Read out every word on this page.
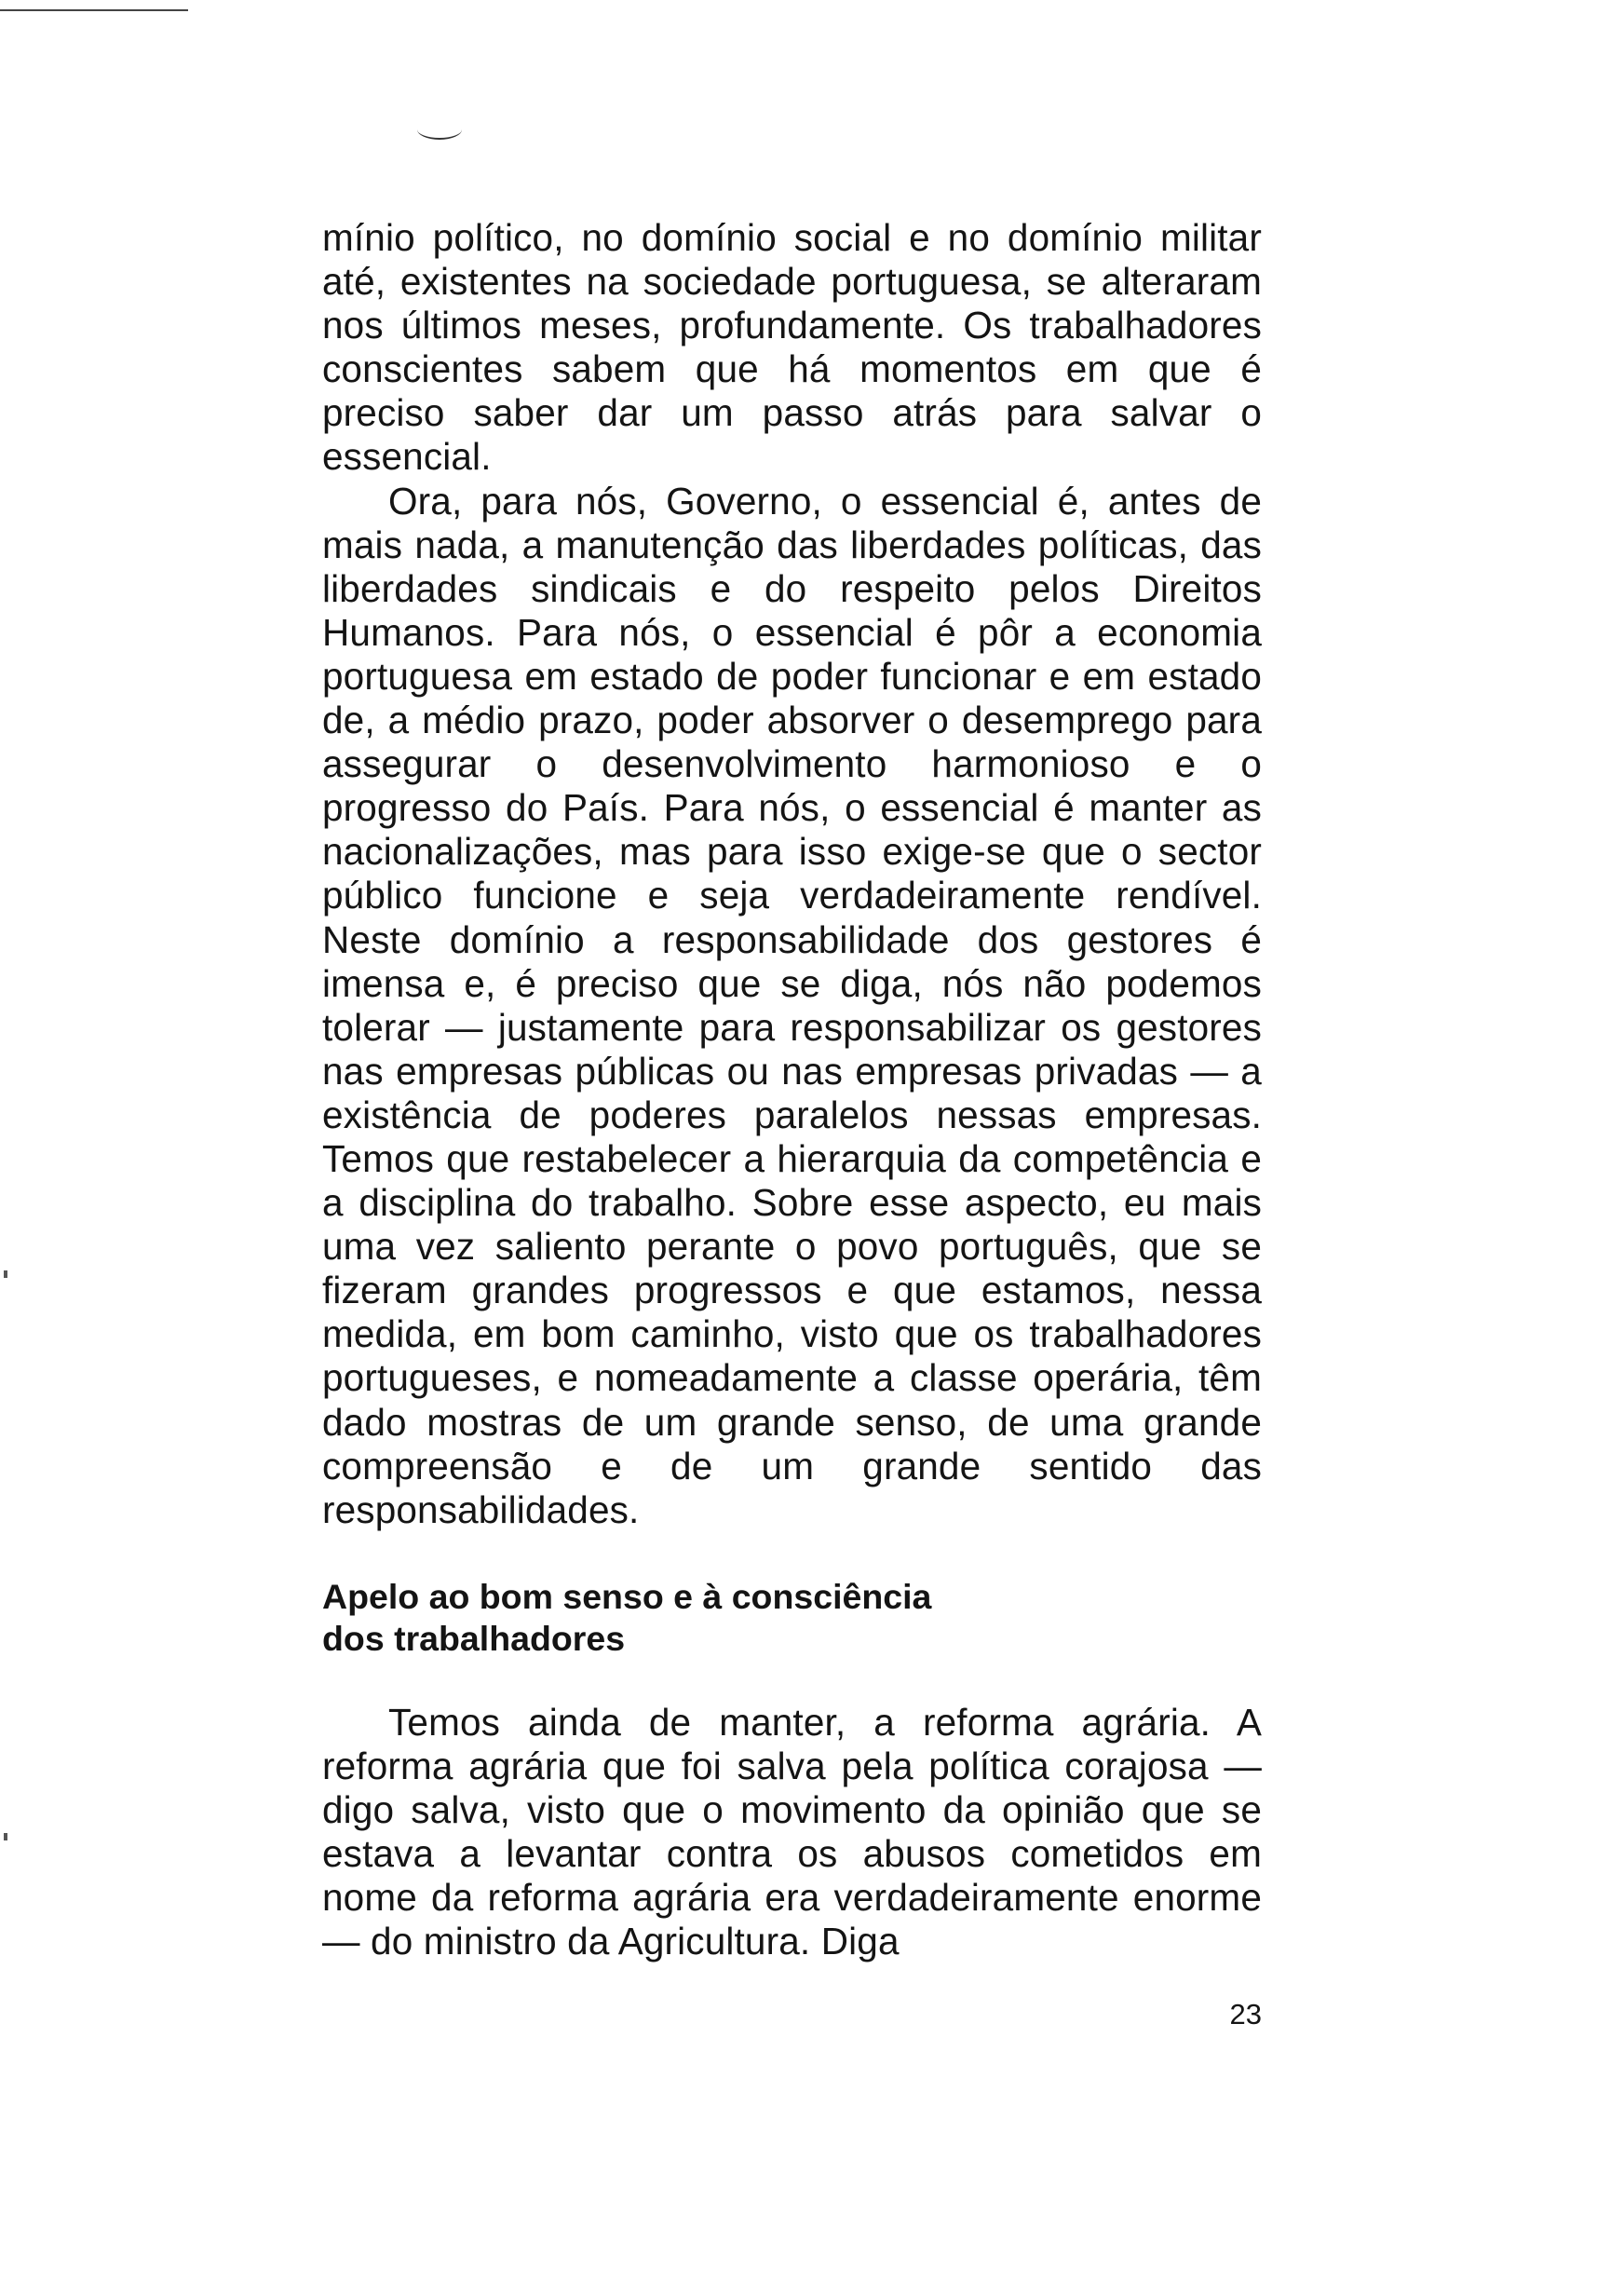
mínio político, no domínio social e no domínio militar até, existentes na sociedade portuguesa, se alteraram nos últimos meses, profundamente. Os trabalhadores conscientes sabem que há momentos em que é preciso saber dar um passo atrás para salvar o essencial.

Ora, para nós, Governo, o essencial é, antes de mais nada, a manutenção das liberdades políticas, das liberdades sindicais e do respeito pelos Direitos Humanos. Para nós, o essencial é pôr a economia portuguesa em estado de poder funcionar e em estado de, a médio prazo, poder absorver o desemprego para assegurar o desenvolvimento harmonioso e o progresso do País. Para nós, o essencial é manter as nacionalizações, mas para isso exige-se que o sector público funcione e seja verdadeiramente rendível. Neste domínio a responsabilidade dos gestores é imensa e, é preciso que se diga, nós não podemos tolerar — justamente para responsabilizar os gestores nas empresas públicas ou nas empresas privadas — a existência de poderes paralelos nessas empresas. Temos que restabelecer a hierarquia da competência e a disciplina do trabalho. Sobre esse aspecto, eu mais uma vez saliento perante o povo português, que se fizeram grandes progressos e que estamos, nessa medida, em bom caminho, visto que os trabalhadores portugueses, e nomeadamente a classe operária, têm dado mostras de um grande senso, de uma grande compreensão e de um grande sentido das responsabilidades.

Apelo ao bom senso e à consciência
dos trabalhadores

Temos ainda de manter, a reforma agrária. A reforma agrária que foi salva pela política corajosa — digo salva, visto que o movimento da opinião que se estava a levantar contra os abusos cometidos em nome da reforma agrária era verdadeiramente enorme — do ministro da Agricultura. Diga

23
